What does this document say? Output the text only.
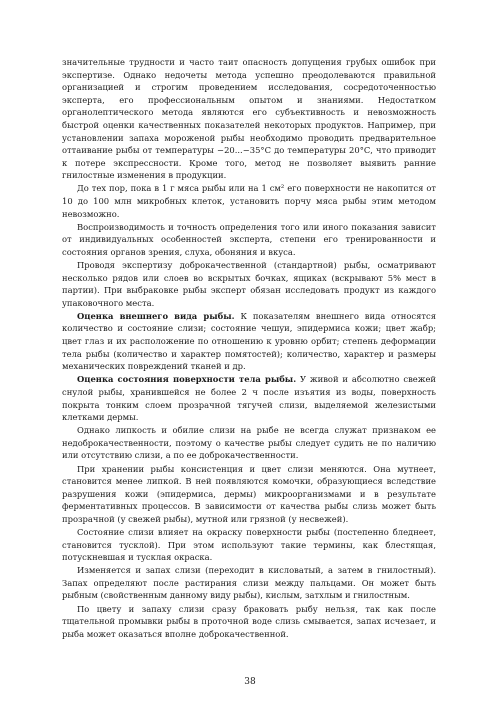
значительные трудности и часто таит опасность допущения грубых ошибок при экспертизе. Однако недочеты метода успешно преодолеваются правильной организацией и строгим проведением исследования, сосредоточенностью эксперта, его профессиональным опытом и знаниями. Недостатком органолептического метода являются его субъективность и невозможность быстрой оценки качественных показателей некоторых продуктов. Например, при установлении запаха мороженой рыбы необходимо проводить предварительное оттаивание рыбы от температуры −20...−35°С до температуры 20°С, что приводит к потере экспрессности. Кроме того, метод не позволяет выявить ранние гнилостные изменения в продукции.

До тех пор, пока в 1 г мяса рыбы или на 1 см² его поверхности не накопится от 10 до 100 млн микробных клеток, установить порчу мяса рыбы этим методом невозможно.

Воспроизводимость и точность определения того или иного показания зависит от индивидуальных особенностей эксперта, степени его тренированности и состояния органов зрения, слуха, обоняния и вкуса.

Проводя экспертизу доброкачественной (стандартной) рыбы, осматривают несколько рядов или слоев во вскрытых бочках, ящиках (вскрывают 5% мест в партии). При выбраковке рыбы эксперт обязан исследовать продукт из каждого упаковочного места.

Оценка внешнего вида рыбы. К показателям внешнего вида относятся количество и состояние слизи; состояние чешуи, эпидермиса кожи; цвет жабр; цвет глаз и их расположение по отношению к уровню орбит; степень деформации тела рыбы (количество и характер помятостей); количество, характер и размеры механических повреждений тканей и др.

Оценка состояния поверхности тела рыбы. У живой и абсолютно свежей снулой рыбы, хранившейся не более 2 ч после изъятия из воды, поверхность покрыта тонким слоем прозрачной тягучей слизи, выделяемой железистыми клетками дермы.

Однако липкость и обилие слизи на рыбе не всегда служат признаком ее недоброкачественности, поэтому о качестве рыбы следует судить не по наличию или отсутствию слизи, а по ее доброкачественности.

При хранении рыбы консистенция и цвет слизи меняются. Она мутнеет, становится менее липкой. В ней появляются комочки, образующиеся вследствие разрушения кожи (эпидермиса, дермы) микроорганизмами и в результате ферментативных процессов. В зависимости от качества рыбы слизь может быть прозрачной (у свежей рыбы), мутной или грязной (у несвежей).

Состояние слизи влияет на окраску поверхности рыбы (постепенно бледнеет, становится тусклой). При этом используют такие термины, как блестящая, потускневшая и тусклая окраска.

Изменяется и запах слизи (переходит в кисловатый, а затем в гнилостный). Запах определяют после растирания слизи между пальцами. Он может быть рыбным (свойственным данному виду рыбы), кислым, затхлым и гнилостным.

По цвету и запаху слизи сразу браковать рыбу нельзя, так как после тщательной промывки рыбы в проточной воде слизь смывается, запах исчезает, и рыба может оказаться вполне доброкачественной.

38
